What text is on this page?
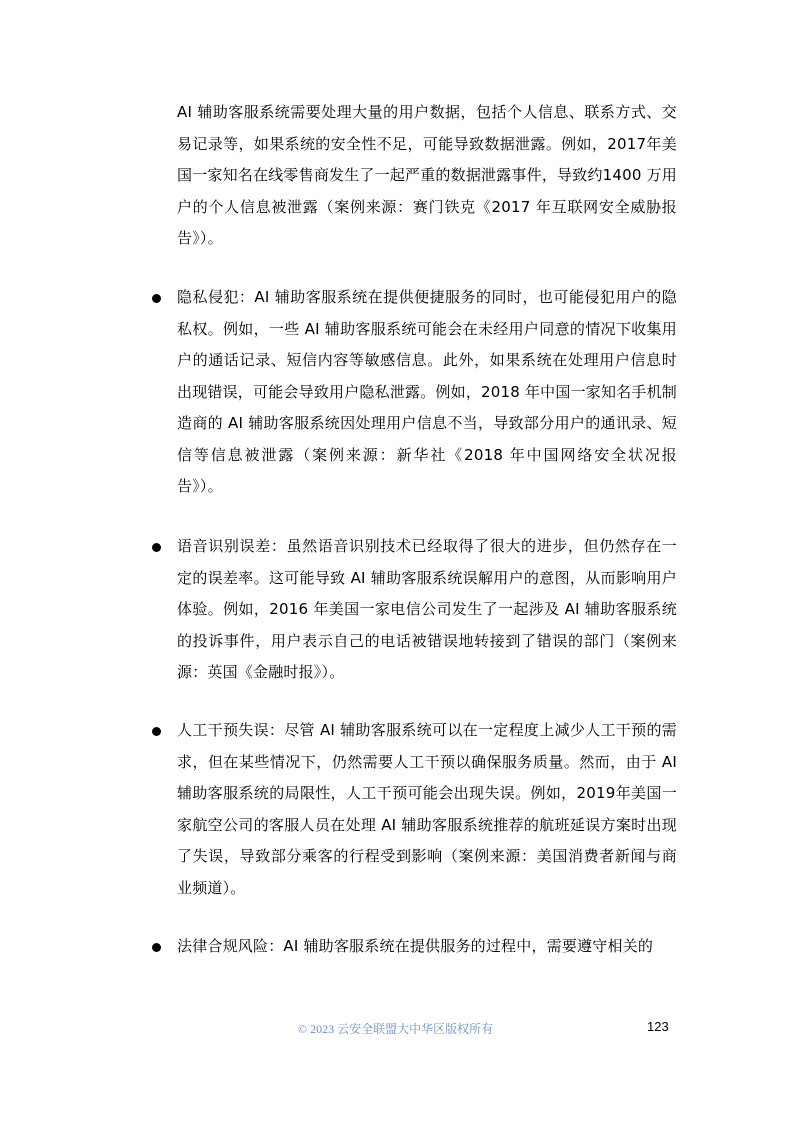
AI 辅助客服系统需要处理大量的用户数据，包括个人信息、联系方式、交易记录等，如果系统的安全性不足，可能导致数据泄露。例如，2017年美国一家知名在线零售商发生了一起严重的数据泄露事件，导致约1400 万用户的个人信息被泄露（案例来源：赛门铁克《2017 年互联网安全威胁报告》）。

隐私侵犯：AI 辅助客服系统在提供便捷服务的同时，也可能侵犯用户的隐私权。例如，一些 AI 辅助客服系统可能会在未经用户同意的情况下收集用户的通话记录、短信内容等敏感信息。此外，如果系统在处理用户信息时出现错误，可能会导致用户隐私泄露。例如，2018 年中国一家知名手机制造商的 AI 辅助客服系统因处理用户信息不当，导致部分用户的通讯录、短信等信息被泄露（案例来源：新华社《2018 年中国网络安全状况报告》）。

语音识别误差：虽然语音识别技术已经取得了很大的进步，但仍然存在一定的误差率。这可能导致 AI 辅助客服系统误解用户的意图，从而影响用户体验。例如，2016 年美国一家电信公司发生了一起涉及 AI 辅助客服系统的投诉事件，用户表示自己的电话被错误地转接到了错误的部门（案例来源：英国《金融时报》）。

人工干预失误：尽管 AI 辅助客服系统可以在一定程度上减少人工干预的需求，但在某些情况下，仍然需要人工干预以确保服务质量。然而，由于 AI 辅助客服系统的局限性，人工干预可能会出现失误。例如，2019年美国一家航空公司的客服人员在处理 AI 辅助客服系统推荐的航班延误方案时出现了失误，导致部分乘客的行程受到影响（案例来源：美国消费者新闻与商业频道）。

法律合规风险：AI 辅助客服系统在提供服务的过程中，需要遵守相关的

© 2023 云安全联盟大中华区版权所有	123
